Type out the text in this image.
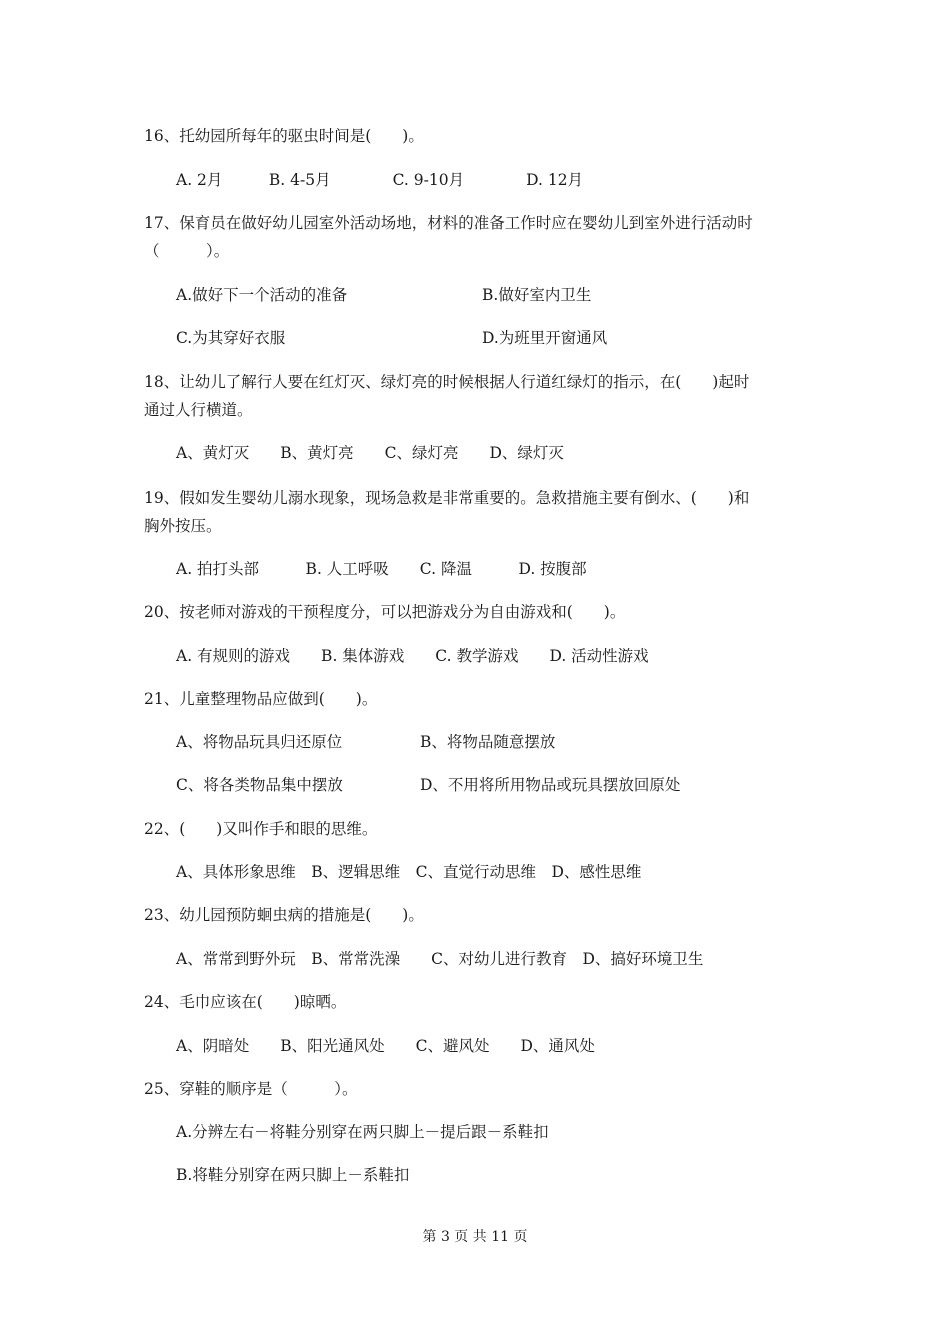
16、托幼园所每年的驱虫时间是(　　)。

A. 2月　　　B. 4-5月　　　　C. 9-10月　　　　D. 12月

17、保育员在做好幼儿园室外活动场地，材料的准备工作时应在婴幼儿到室外进行活动时

（　　　）。

A.做好下一个活动的准备	B.做好室内卫生

C.为其穿好衣服	D.为班里开窗通风

18、让幼儿了解行人要在红灯灭、绿灯亮的时候根据人行道红绿灯的指示，在(　　)起时

通过人行横道。

A、黄灯灭　　B、黄灯亮　　C、绿灯亮　　D、绿灯灭

19、假如发生婴幼儿溺水现象，现场急救是非常重要的。急救措施主要有倒水、(　　)和

胸外按压。

A. 拍打头部　　　B. 人工呼吸　　C. 降温　　　D. 按腹部

20、按老师对游戏的干预程度分，可以把游戏分为自由游戏和(　　)。

A. 有规则的游戏　　B. 集体游戏　　C. 教学游戏　　D. 活动性游戏

21、儿童整理物品应做到(　　)。

A、将物品玩具归还原位	B、将物品随意摆放

C、将各类物品集中摆放	D、不用将所用物品或玩具摆放回原处

22、(　　)又叫作手和眼的思维。

A、具体形象思维　B、逻辑思维　C、直觉行动思维　D、感性思维

23、幼儿园预防蛔虫病的措施是(　　)。

A、常常到野外玩　B、常常洗澡　　C、对幼儿进行教育　D、搞好环境卫生

24、毛巾应该在(　　)晾晒。

A、阴暗处　　B、阳光通风处　　C、避风处　　D、通风处

25、穿鞋的顺序是（　　　）。

A.分辨左右－将鞋分别穿在两只脚上－提后跟－系鞋扣

B.将鞋分别穿在两只脚上－系鞋扣

第 3 页 共 11 页
